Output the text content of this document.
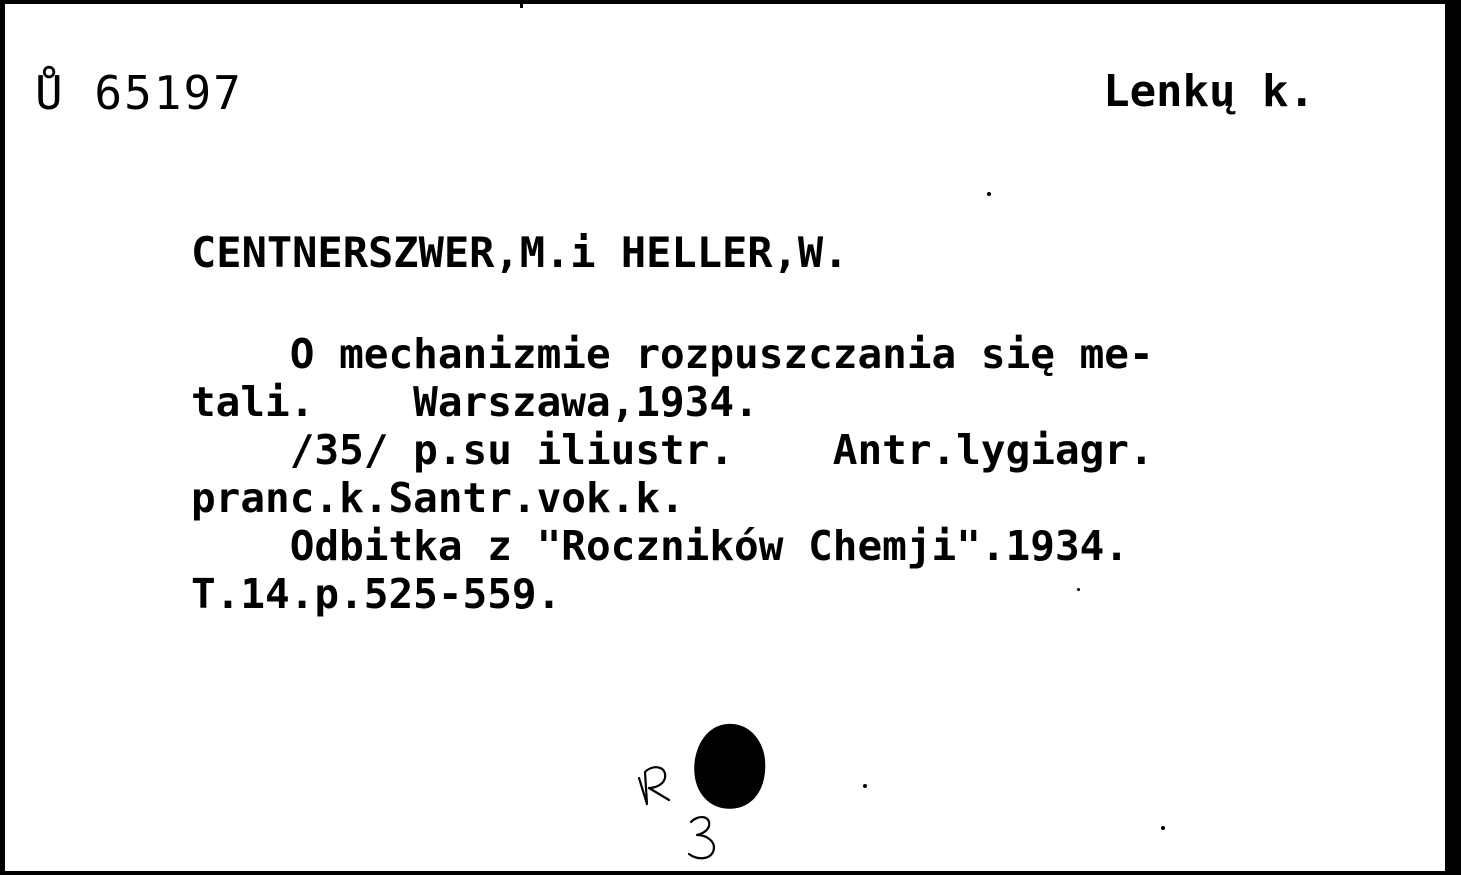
Ů 65197	Lenkų k.
CENTNERSZWER,M.i HELLER,W.
O mechanizmie rozpuszczania się me-
tali.    Warszawa,1934.
/35/ p.su iliustr.    Antr.lygiagr.
pranc.k.Santr.vok.k.
Odbitka z "Roczników Chemji".1934.
T.14.p.525-559.
